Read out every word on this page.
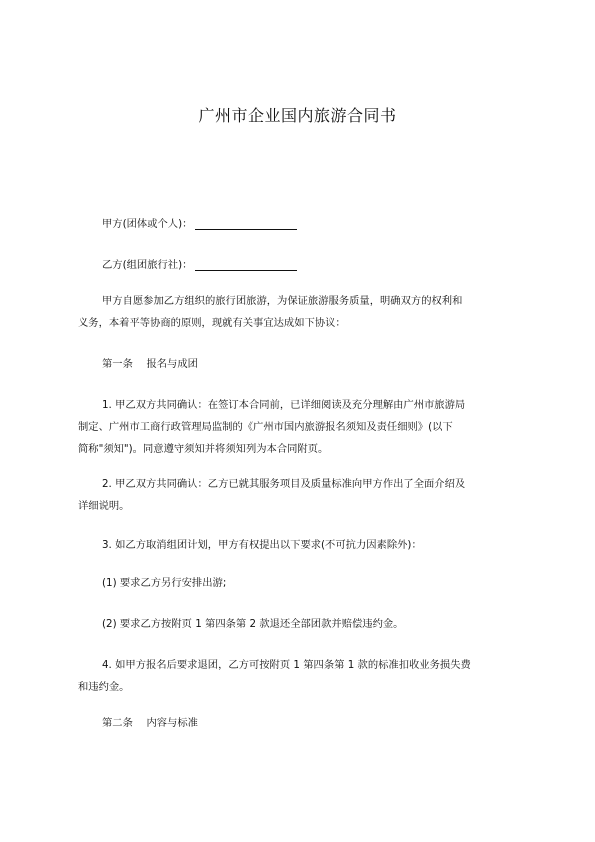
广州市企业国内旅游合同书
甲方(团体或个人)：
乙方(组团旅行社)：
甲方自愿参加乙方组织的旅行团旅游，为保证旅游服务质量，明确双方的权利和
义务，本着平等协商的原则，现就有关事宜达成如下协议：
第一条　 报名与成团
1. 甲乙双方共同确认：在签订本合同前，已详细阅读及充分理解由广州市旅游局
制定、广州市工商行政管理局监制的《广州市国内旅游报名须知及责任细则》(以下
简称"须知")。同意遵守须知并将须知列为本合同附页。
2. 甲乙双方共同确认：乙方已就其服务项目及质量标准向甲方作出了全面介绍及
详细说明。
3. 如乙方取消组团计划，甲方有权提出以下要求(不可抗力因素除外)：
(1) 要求乙方另行安排出游;
(2) 要求乙方按附页 1 第四条第 2 款退还全部团款并赔偿违约金。
4. 如甲方报名后要求退团，乙方可按附页 1 第四条第 1 款的标准扣收业务损失费
和违约金。
第二条　 内容与标准
